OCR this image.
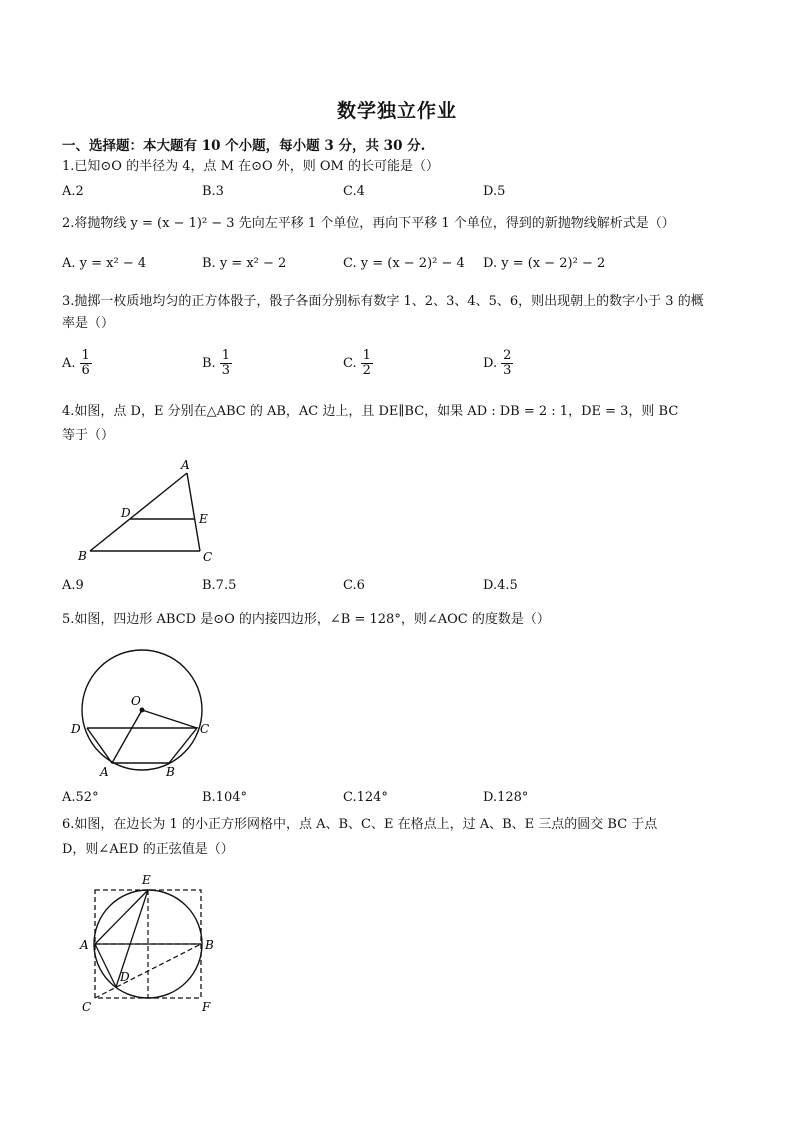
数学独立作业
一、选择题：本大题有 10 个小题，每小题 3 分，共 30 分.
1.已知⊙O 的半径为 4，点 M 在⊙O 外，则 OM 的长可能是（）
A.2	B.3	C.4	D.5
2.将抛物线 y = (x − 1)² − 3 先向左平移 1 个单位，再向下平移 1 个单位，得到的新抛物线解析式是（）
A. y = x² − 4	B. y = x² − 2	C. y = (x − 2)² − 4 D. y = (x − 2)² − 2
3.抛掷一枚质地均匀的正方体骰子，骰子各面分别标有数字 1、2、3、4、5、6，则出现朝上的数字小于 3 的概
率是（）
A. $\frac{1}{6}$	B. $\frac{1}{3}$	C. $\frac{1}{2}$	D. $\frac{2}{3}$
4.如图，点 D，E 分别在△ABC 的 AB，AC 边上，且 DE∥BC，如果 AD : DB = 2 : 1，DE = 3，则 BC
等于（）
A
B	C
D	E
A.9	B.7.5	C.6	D.4.5
5.如图，四边形 ABCD 是⊙O 的内接四边形，∠B = 128°，则∠AOC 的度数是（）
O
D	C
A	B
A.52°	B.104°	C.124°	D.128°
6.如图，在边长为 1 的小正方形网格中，点 A、B、C、E 在格点上，过 A、B、E 三点的圆交 BC 于点
D，则∠AED 的正弦值是（）
E
A	B
D
C	F
